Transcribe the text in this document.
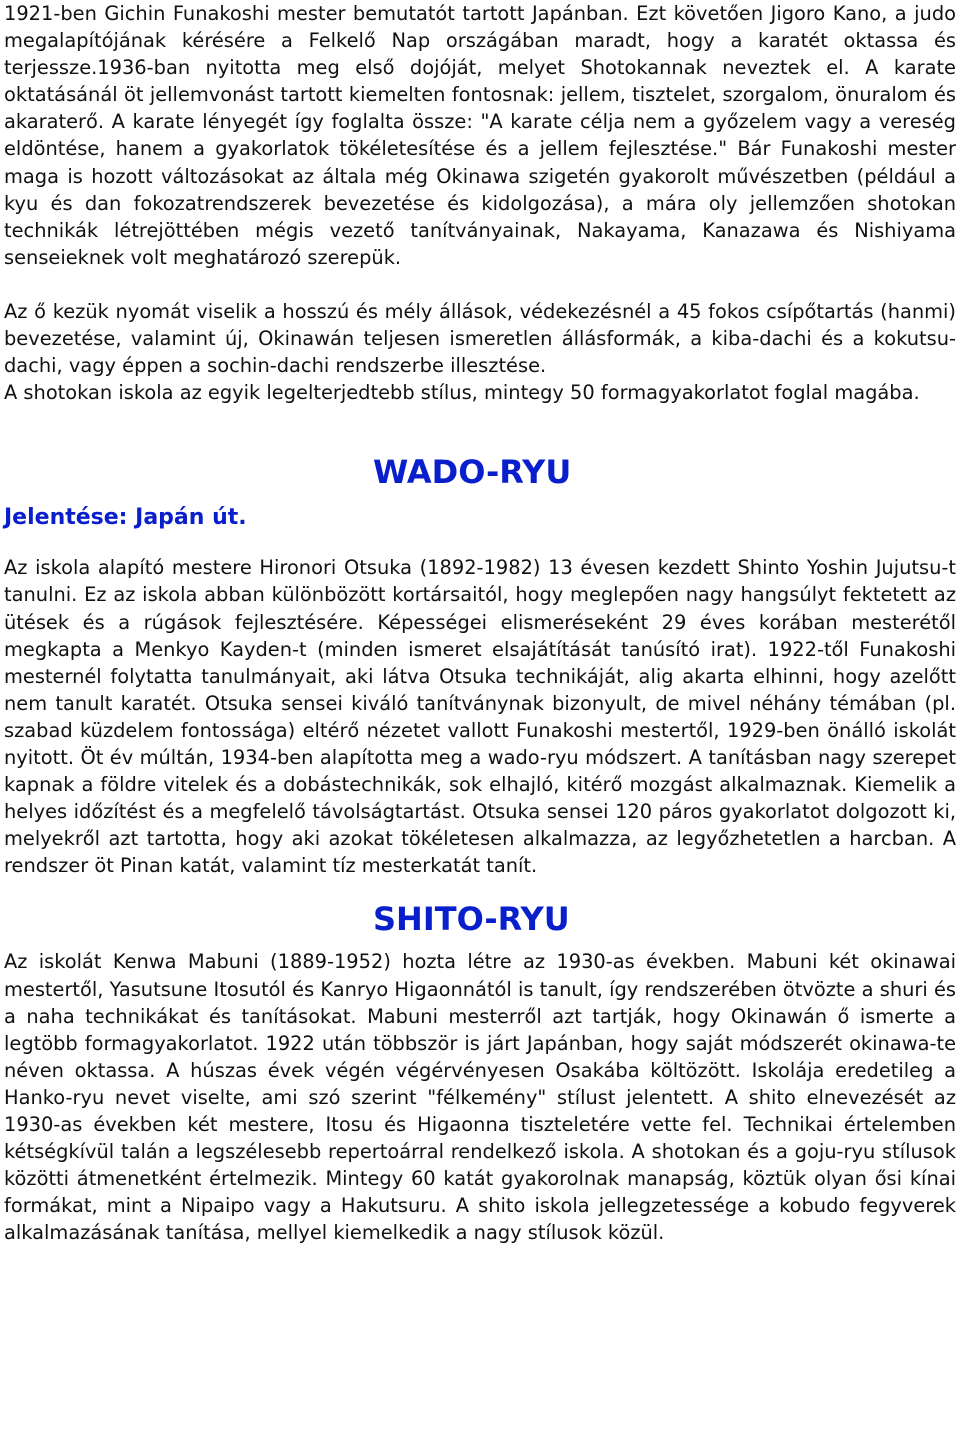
1921-ben Gichin Funakoshi mester bemutatót tartott Japánban. Ezt követően Jigoro Kano, a judo megalapítójának kérésére a Felkelő Nap országában maradt, hogy a karatét oktassa és terjessze.1936-ban nyitotta meg első dojóját, melyet Shotokannak neveztek el. A karate oktatásánál öt jellemvonást tartott kiemelten fontosnak: jellem, tisztelet, szorgalom, önuralom és akaraterő. A karate lényegét így foglalta össze: "A karate célja nem a győzelem vagy a vereség eldöntése, hanem a gyakorlatok tökéletesítése és a jellem fejlesztése." Bár Funakoshi mester maga is hozott változásokat az általa még Okinawa szigetén gyakorolt művészetben (például a kyu és dan fokozatrendszerek bevezetése és kidolgozása), a mára oly jellemzően shotokan technikák létrejöttében mégis vezető tanítványainak, Nakayama, Kanazawa és Nishiyama senseieknek volt meghatározó szerepük.

Az ő kezük nyomát viselik a hosszú és mély állások, védekezésnél a 45 fokos csípőtartás (hanmi) bevezetése, valamint új, Okinawán teljesen ismeretlen állásformák, a kiba-dachi és a kokutsu-dachi, vagy éppen a sochin-dachi rendszerbe illesztése.

A shotokan iskola az egyik legelterjedtebb stílus, mintegy 50 formagyakorlatot foglal magába.

WADO-RYU
Jelentése: Japán út.

Az iskola alapító mestere Hironori Otsuka (1892-1982) 13 évesen kezdett Shinto Yoshin Jujutsu-t tanulni. Ez az iskola abban különbözött kortársaitól, hogy meglepően nagy hangsúlyt fektetett az ütések és a rúgások fejlesztésére. Képességei elismeréseként 29 éves korában mesterétől megkapta a Menkyo Kayden-t (minden ismeret elsajátítását tanúsító irat). 1922-től Funakoshi mesternél folytatta tanulmányait, aki látva Otsuka technikáját, alig akarta elhinni, hogy azelőtt nem tanult karatét. Otsuka sensei kiváló tanítványnak bizonyult, de mivel néhány témában (pl. szabad küzdelem fontossága) eltérő nézetet vallott Funakoshi mestertől, 1929-ben önálló iskolát nyitott. Öt év múltán, 1934-ben alapította meg a wado-ryu módszert. A tanításban nagy szerepet kapnak a földre vitelek és a dobástechnikák, sok elhajló, kitérő mozgást alkalmaznak. Kiemelik a helyes időzítést és a megfelelő távolságtartást. Otsuka sensei 120 páros gyakorlatot dolgozott ki, melyekről azt tartotta, hogy aki azokat tökéletesen alkalmazza, az legyőzhetetlen a harcban. A rendszer öt Pinan katát, valamint tíz mesterkatát tanít.

SHITO-RYU

Az iskolát Kenwa Mabuni (1889-1952) hozta létre az 1930-as években. Mabuni két okinawai mestertől, Yasutsune Itosutól és Kanryo Higaonnától is tanult, így rendszerében ötvözte a shuri és a naha technikákat és tanításokat. Mabuni mesterről azt tartják, hogy Okinawán ő ismerte a legtöbb formagyakorlatot. 1922 után többször is járt Japánban, hogy saját módszerét okinawa-te néven oktassa. A húszas évek végén végérvényesen Osakába költözött. Iskolája eredetileg a Hanko-ryu nevet viselte, ami szó szerint "félkemény" stílust jelentett. A shito elnevezését az 1930-as években két mestere, Itosu és Higaonna tiszteletére vette fel. Technikai értelemben kétségkívül talán a legszélesebb repertoárral rendelkező iskola. A shotokan és a goju-ryu stílusok közötti átmenetként értelmezik. Mintegy 60 katát gyakorolnak manapság, köztük olyan ősi kínai formákat, mint a Nipaipo vagy a Hakutsuru. A shito iskola jellegzetessége a kobudo fegyverek alkalmazásának tanítása, mellyel kiemelkedik a nagy stílusok közül.
